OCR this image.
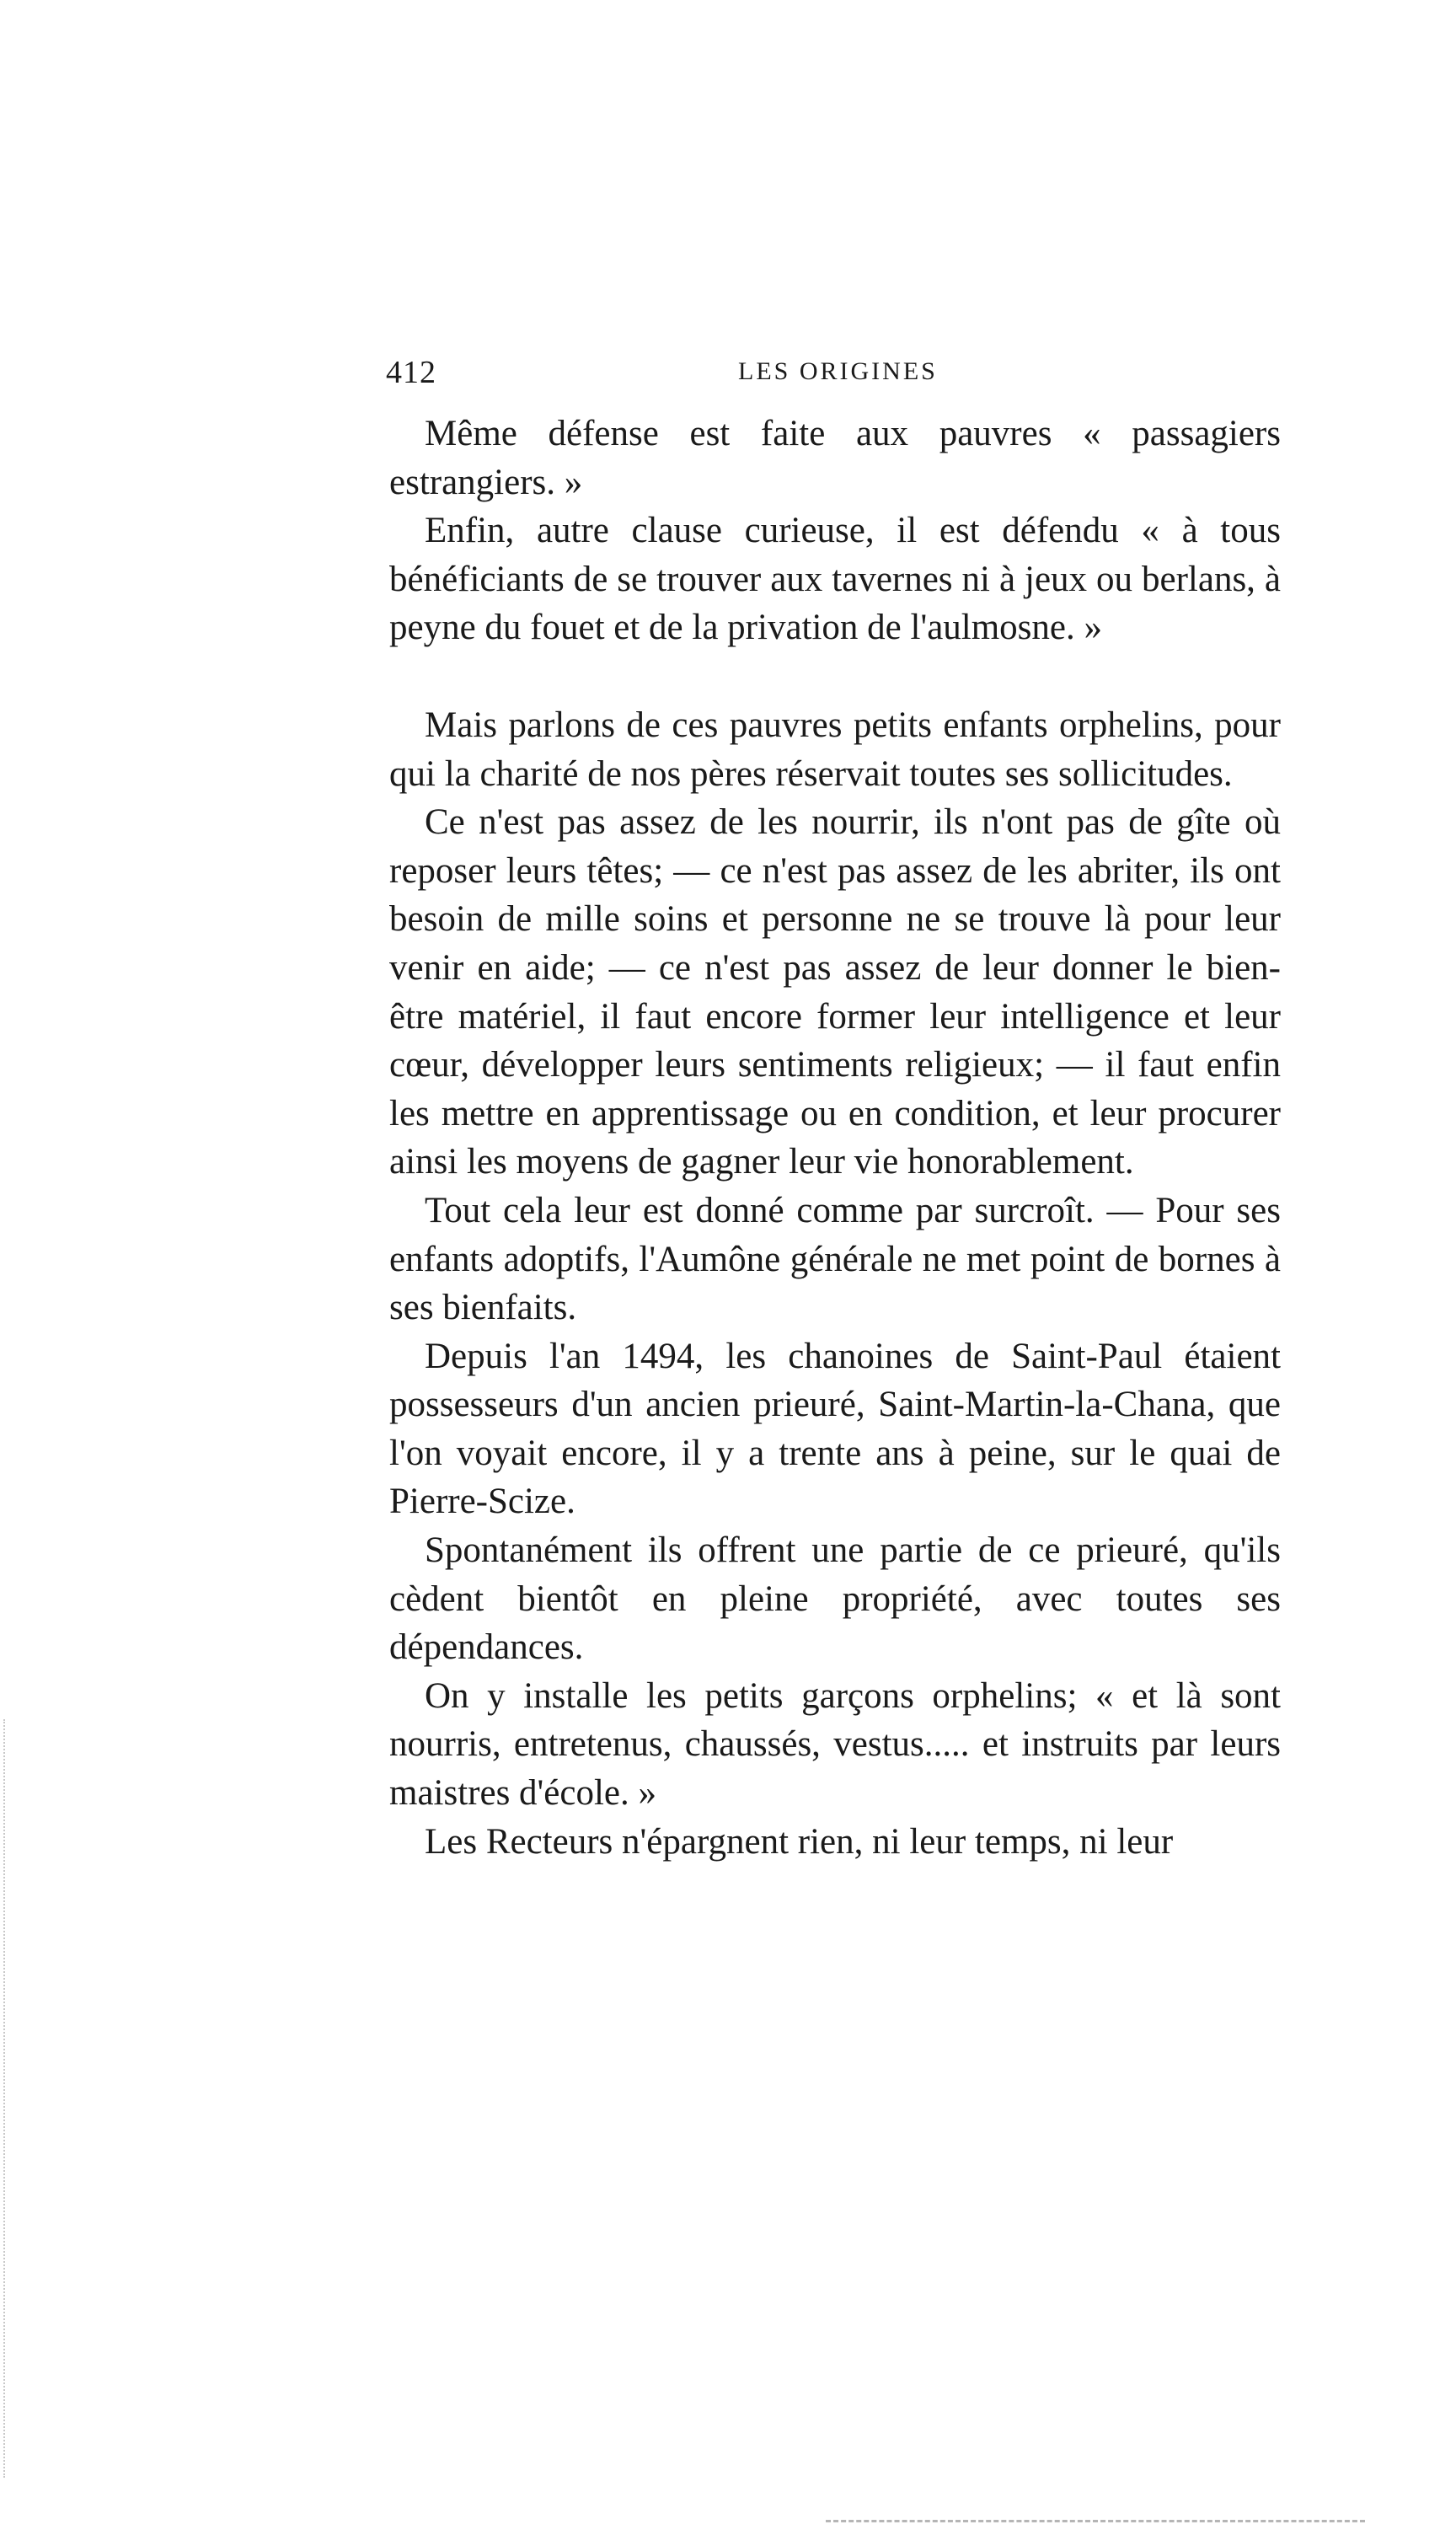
412	LES ORIGINES

Même défense est faite aux pauvres « passagiers estrangiers. »

Enfin, autre clause curieuse, il est défendu « à tous bénéficiants de se trouver aux tavernes ni à jeux ou berlans, à peyne du fouet et de la privation de l'aulmosne. »

Mais parlons de ces pauvres petits enfants orphelins, pour qui la charité de nos pères réservait toutes ses sollicitudes.

Ce n'est pas assez de les nourrir, ils n'ont pas de gîte où reposer leurs têtes; — ce n'est pas assez de les abriter, ils ont besoin de mille soins et personne ne se trouve là pour leur venir en aide; — ce n'est pas assez de leur donner le bien-être matériel, il faut encore former leur intelligence et leur cœur, développer leurs sentiments religieux; — il faut enfin les mettre en apprentissage ou en condition, et leur procurer ainsi les moyens de gagner leur vie honorablement.

Tout cela leur est donné comme par surcroît. — Pour ses enfants adoptifs, l'Aumône générale ne met point de bornes à ses bienfaits.

Depuis l'an 1494, les chanoines de Saint-Paul étaient possesseurs d'un ancien prieuré, Saint-Martin-la-Chana, que l'on voyait encore, il y a trente ans à peine, sur le quai de Pierre-Scize.

Spontanément ils offrent une partie de ce prieuré, qu'ils cèdent bientôt en pleine propriété, avec toutes ses dépendances.

On y installe les petits garçons orphelins; « et là sont nourris, entretenus, chaussés, vestus..... et instruits par leurs maistres d'école. »

Les Recteurs n'épargnent rien, ni leur temps, ni leur
